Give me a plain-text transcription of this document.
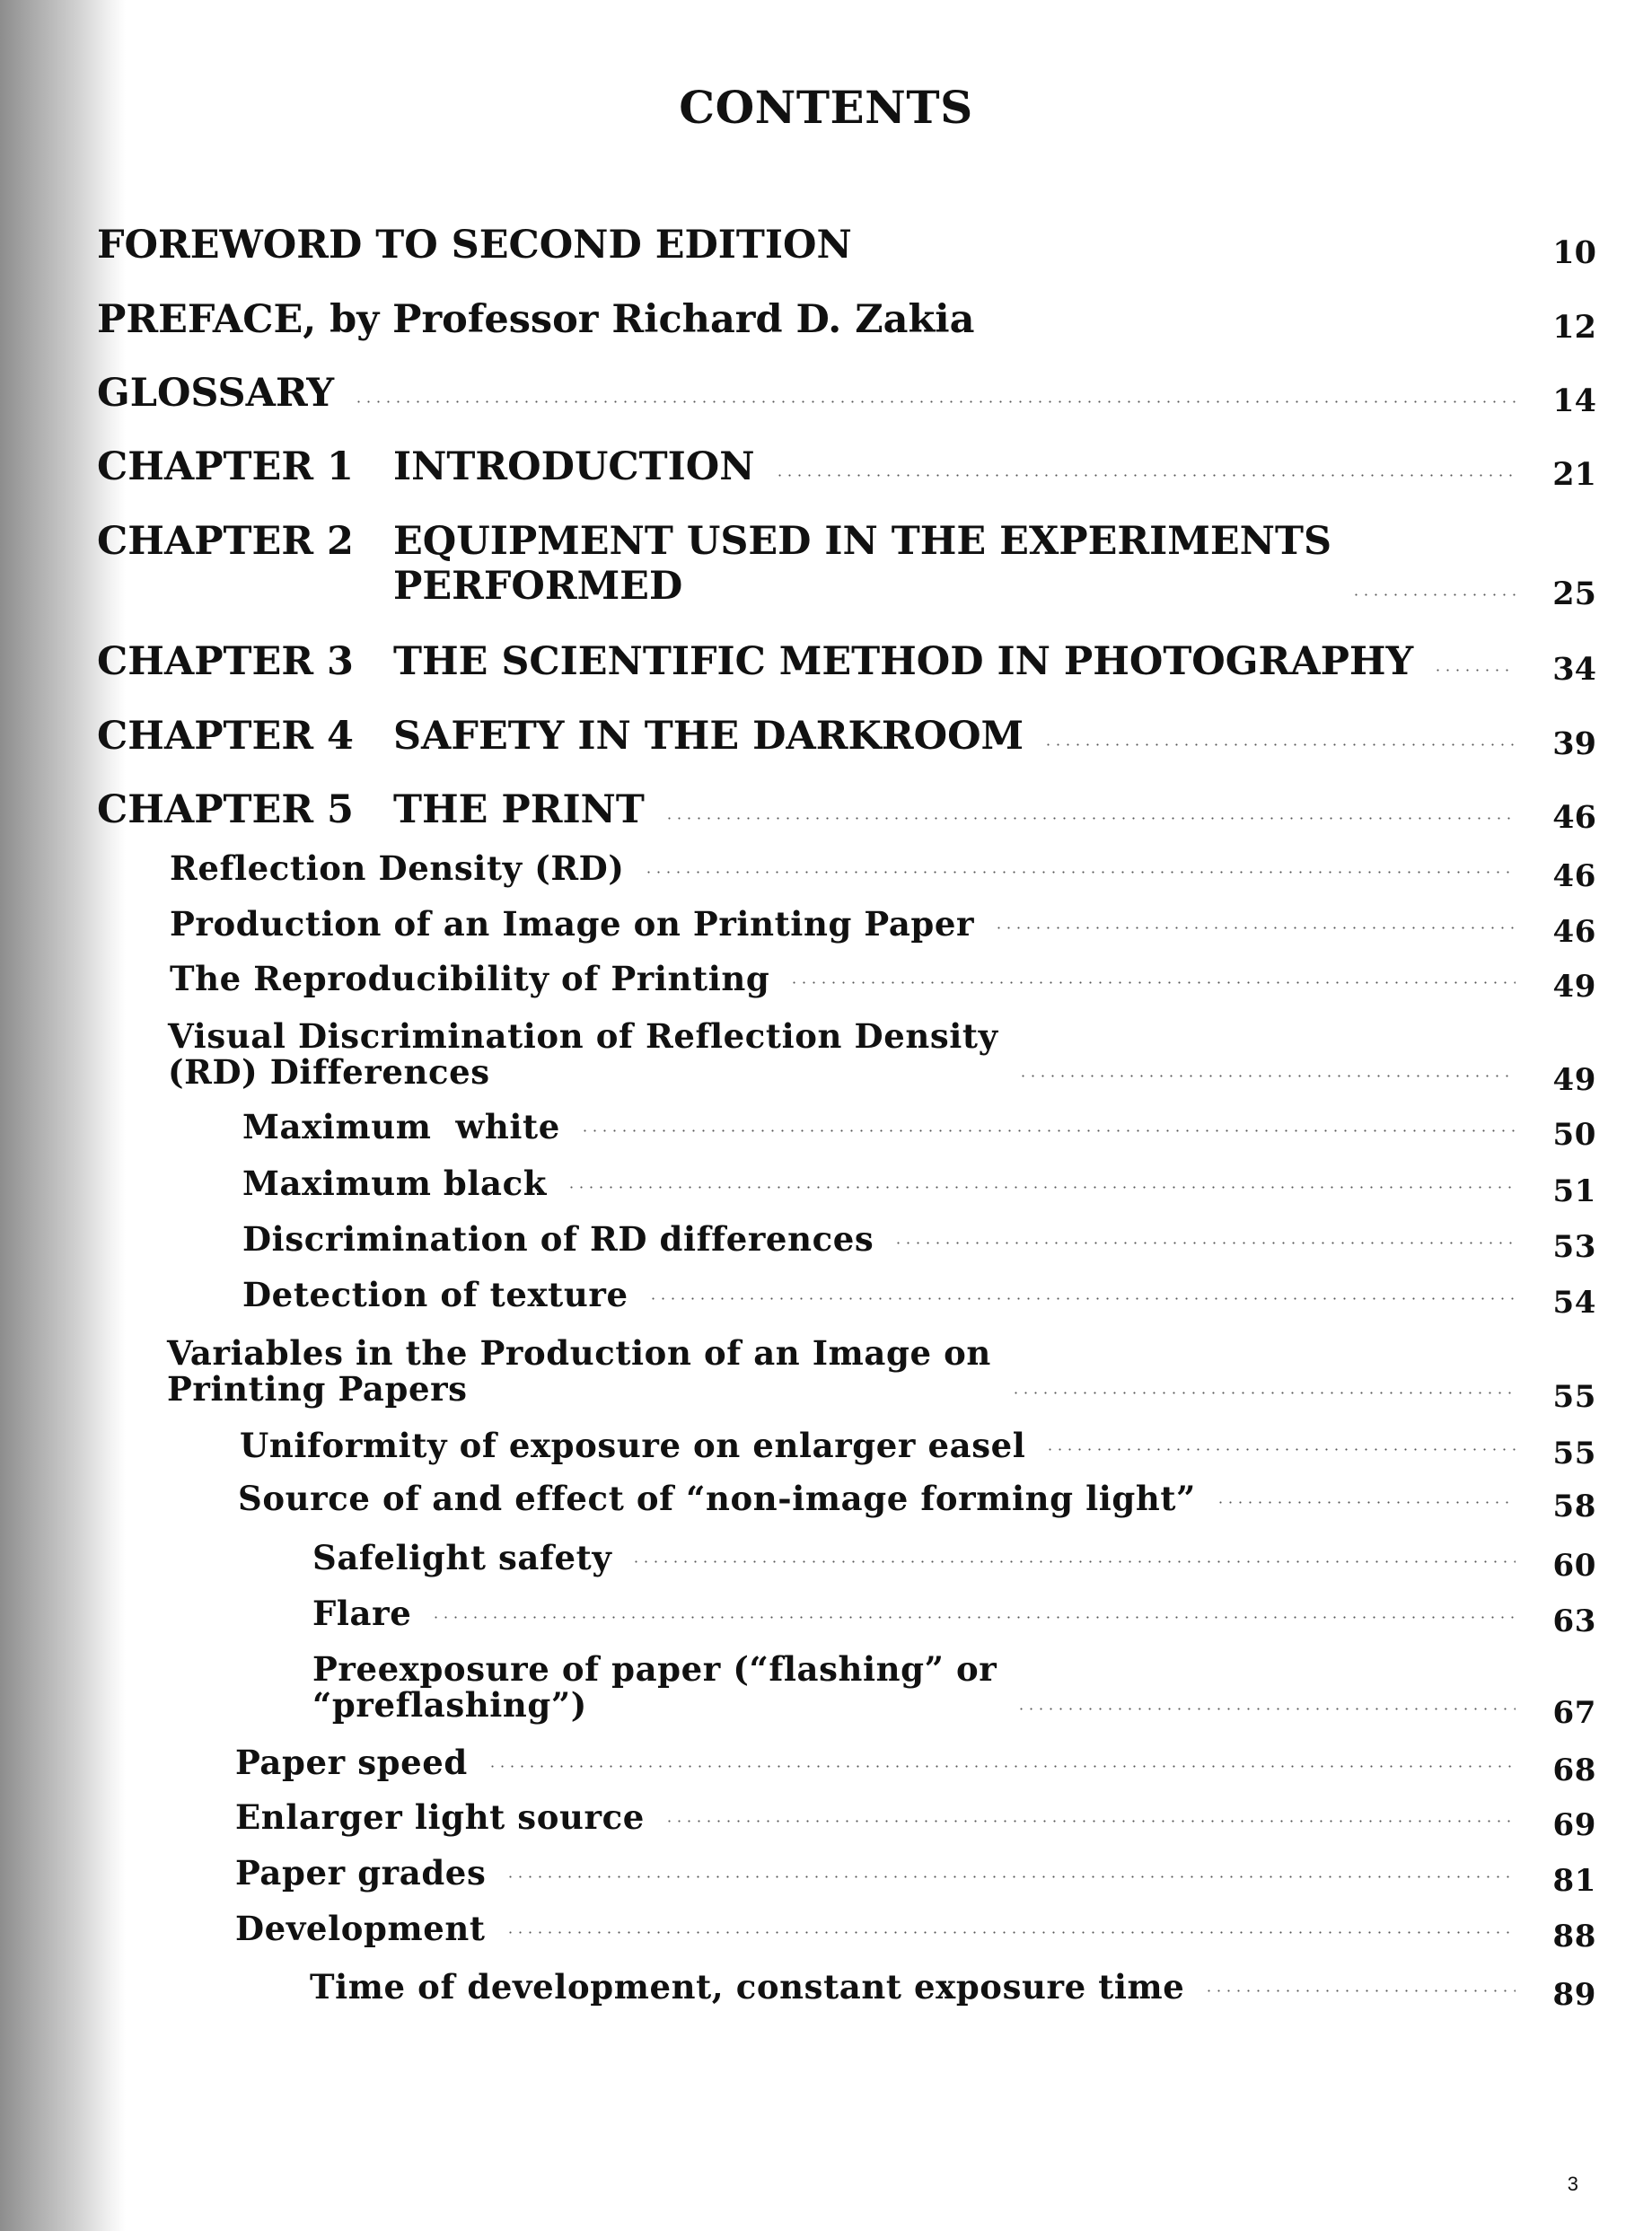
CONTENTS
FOREWORD TO SECOND EDITION	10
PREFACE, by Professor Richard D. Zakia	12
GLOSSARY	14
CHAPTER 1	INTRODUCTION	21
CHAPTER 2	EQUIPMENT USED IN THE EXPERIMENTS
PERFORMED	25
CHAPTER 3	THE SCIENTIFIC METHOD IN PHOTOGRAPHY	34
CHAPTER 4	SAFETY IN THE DARKROOM	39
CHAPTER 5	THE PRINT	46
Reflection Density (RD)	46
Production of an Image on Printing Paper	46
The Reproducibility of Printing	49
Visual Discrimination of Reflection Density
(RD) Differences	49
Maximum  white	50
Maximum black	51
Discrimination of RD differences	53
Detection of texture	54
Variables in the Production of an Image on
Printing Papers	55
Uniformity of exposure on enlarger easel	55
Source of and effect of “non-image forming light”	58
Safelight safety	60
Flare	63
Preexposure of paper (“flashing” or
“preflashing”)	67
Paper speed	68
Enlarger light source	69
Paper grades	81
Development	88
Time of development, constant exposure time	89
3
